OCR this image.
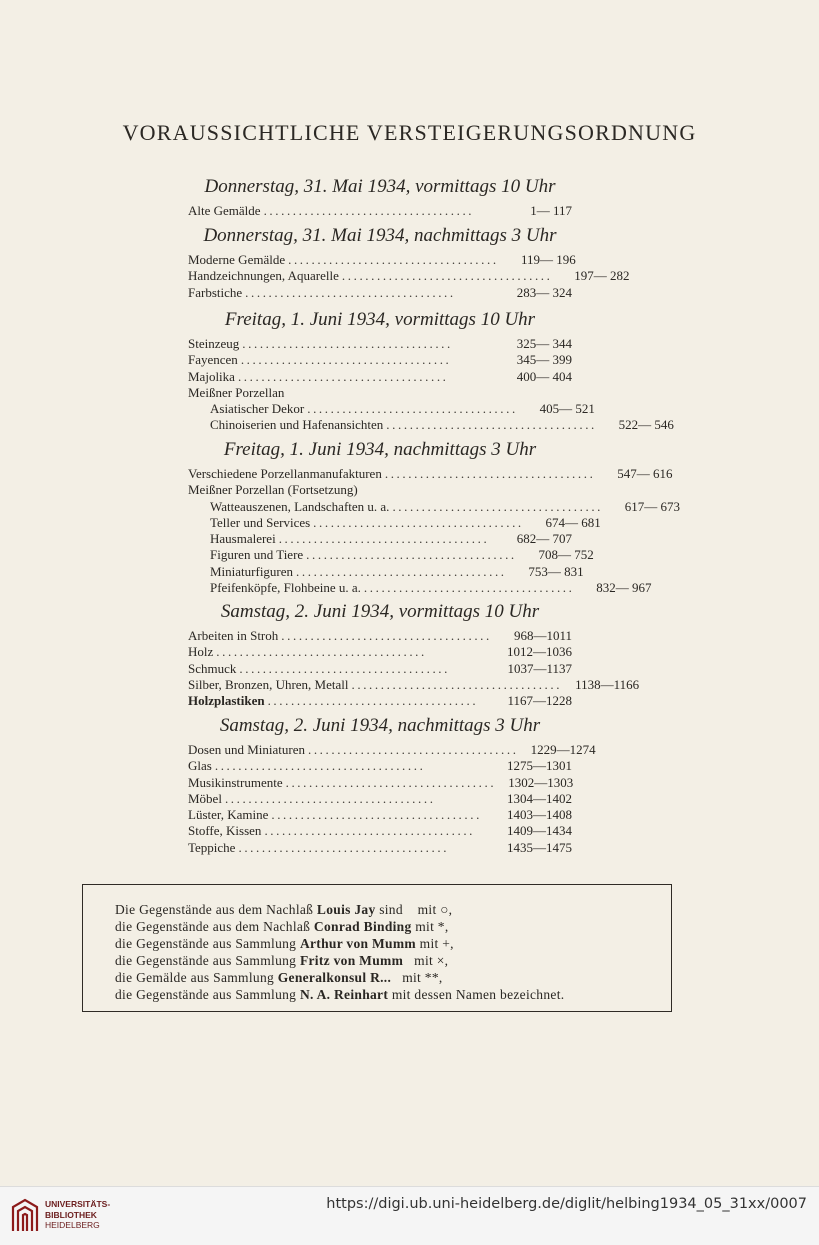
VORAUSSICHTLICHE VERSTEIGERUNGSORDNUNG
Donnerstag, 31. Mai 1934, vormittags 10 Uhr
Alte Gemälde ....................................	1— 117
Donnerstag, 31. Mai 1934, nachmittags 3 Uhr
Moderne Gemälde ....................................	119— 196
Handzeichnungen, Aquarelle ....................................	197— 282
Farbstiche ....................................	283— 324
Freitag, 1. Juni 1934, vormittags 10 Uhr
Steinzeug ....................................	325— 344
Fayencen ....................................	345— 399
Majolika ....................................	400— 404
Meißner Porzellan
Asiatischer Dekor ....................................	405— 521
Chinoiserien und Hafenansichten ....................................	522— 546
Freitag, 1. Juni 1934, nachmittags 3 Uhr
Verschiedene Porzellanmanufakturen ....................................	547— 616
Meißner Porzellan (Fortsetzung)
Watteauszenen, Landschaften u. a. ....................................	617— 673
Teller und Services ....................................	674— 681
Hausmalerei ....................................	682— 707
Figuren und Tiere ....................................	708— 752
Miniaturfiguren ....................................	753— 831
Pfeifenköpfe, Flohbeine u. a. ....................................	832— 967
Samstag, 2. Juni 1934, vormittags 10 Uhr
Arbeiten in Stroh ....................................	968—1011
Holz ....................................	1012—1036
Schmuck ....................................	1037—1137
Silber, Bronzen, Uhren, Metall .................................... 1138—1166
Holzplastiken ....................................	1167—1228
Samstag, 2. Juni 1934, nachmittags 3 Uhr
Dosen und Miniaturen .................................... 1229—1274
Glas ....................................	1275—1301
Musikinstrumente .................................... 1302—1303
Möbel ....................................	1304—1402
Lüster, Kamine ....................................	1403—1408
Stoffe, Kissen ....................................	1409—1434
Teppiche ....................................	1435—1475
Die Gegenstände aus dem Nachlaß Louis Jay sind mit ○,
die Gegenstände aus dem Nachlaß Conrad Binding mit *,
die Gegenstände aus Sammlung Arthur von Mumm mit +,
die Gegenstände aus Sammlung Fritz von Mumm mit ×,
die Gemälde aus Sammlung Generalkonsul R... mit **,
die Gegenstände aus Sammlung N. A. Reinhart mit dessen Namen bezeichnet.
UNIVERSITÄTS-
BIBLIOTHEK
HEIDELBERG
https://digi.ub.uni-heidelberg.de/diglit/helbing1934_05_31xx/0007
